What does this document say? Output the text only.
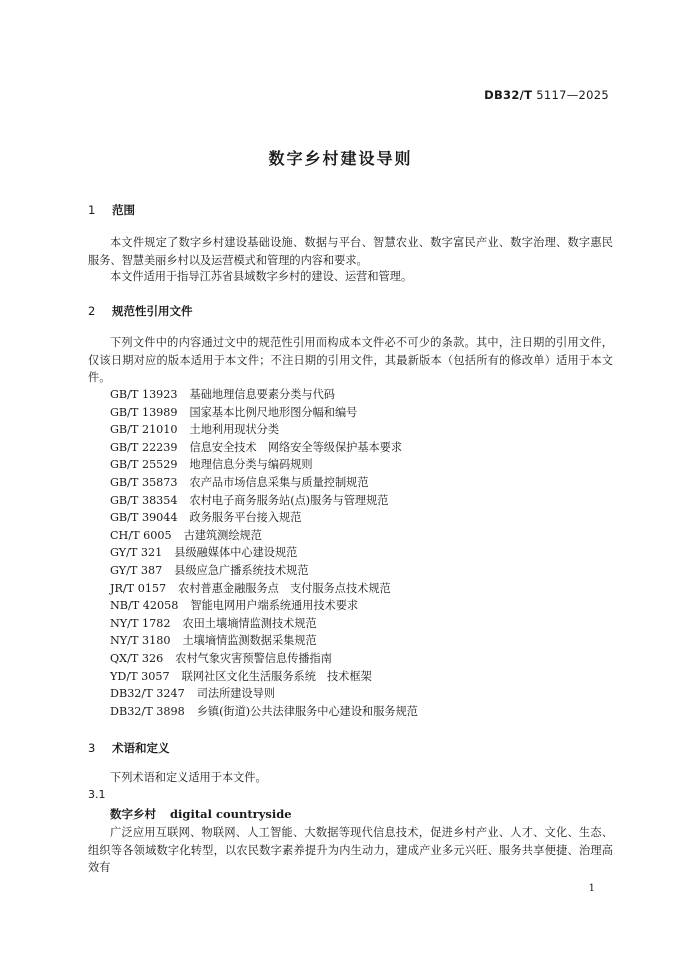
DB32/T 5117—2025
数字乡村建设导则
1 范围
本文件规定了数字乡村建设基础设施、数据与平台、智慧农业、数字富民产业、数字治理、数字惠民服务、智慧美丽乡村以及运营模式和管理的内容和要求。
本文件适用于指导江苏省县域数字乡村的建设、运营和管理。
2 规范性引用文件
下列文件中的内容通过文中的规范性引用而构成本文件必不可少的条款。其中，注日期的引用文件，仅该日期对应的版本适用于本文件；不注日期的引用文件，其最新版本（包括所有的修改单）适用于本文件。
GB/T 13923 基础地理信息要素分类与代码
GB/T 13989 国家基本比例尺地形图分幅和编号
GB/T 21010 土地利用现状分类
GB/T 22239 信息安全技术　网络安全等级保护基本要求
GB/T 25529 地理信息分类与编码规则
GB/T 35873 农产品市场信息采集与质量控制规范
GB/T 38354 农村电子商务服务站(点)服务与管理规范
GB/T 39044 政务服务平台接入规范
CH/T 6005 古建筑测绘规范
GY/T 321 县级融媒体中心建设规范
GY/T 387 县级应急广播系统技术规范
JR/T 0157 农村普惠金融服务点　支付服务点技术规范
NB/T 42058 智能电网用户端系统通用技术要求
NY/T 1782 农田土壤墒情监测技术规范
NY/T 3180 土壤墒情监测数据采集规范
QX/T 326 农村气象灾害预警信息传播指南
YD/T 3057 联网社区文化生活服务系统　技术框架
DB32/T 3247 司法所建设导则
DB32/T 3898 乡镇(街道)公共法律服务中心建设和服务规范
3 术语和定义
下列术语和定义适用于本文件。
3.1
数字乡村 digital countryside
广泛应用互联网、物联网、人工智能、大数据等现代信息技术，促进乡村产业、人才、文化、生态、组织等各领域数字化转型，以农民数字素养提升为内生动力，建成产业多元兴旺、服务共享便捷、治理高效有
1
